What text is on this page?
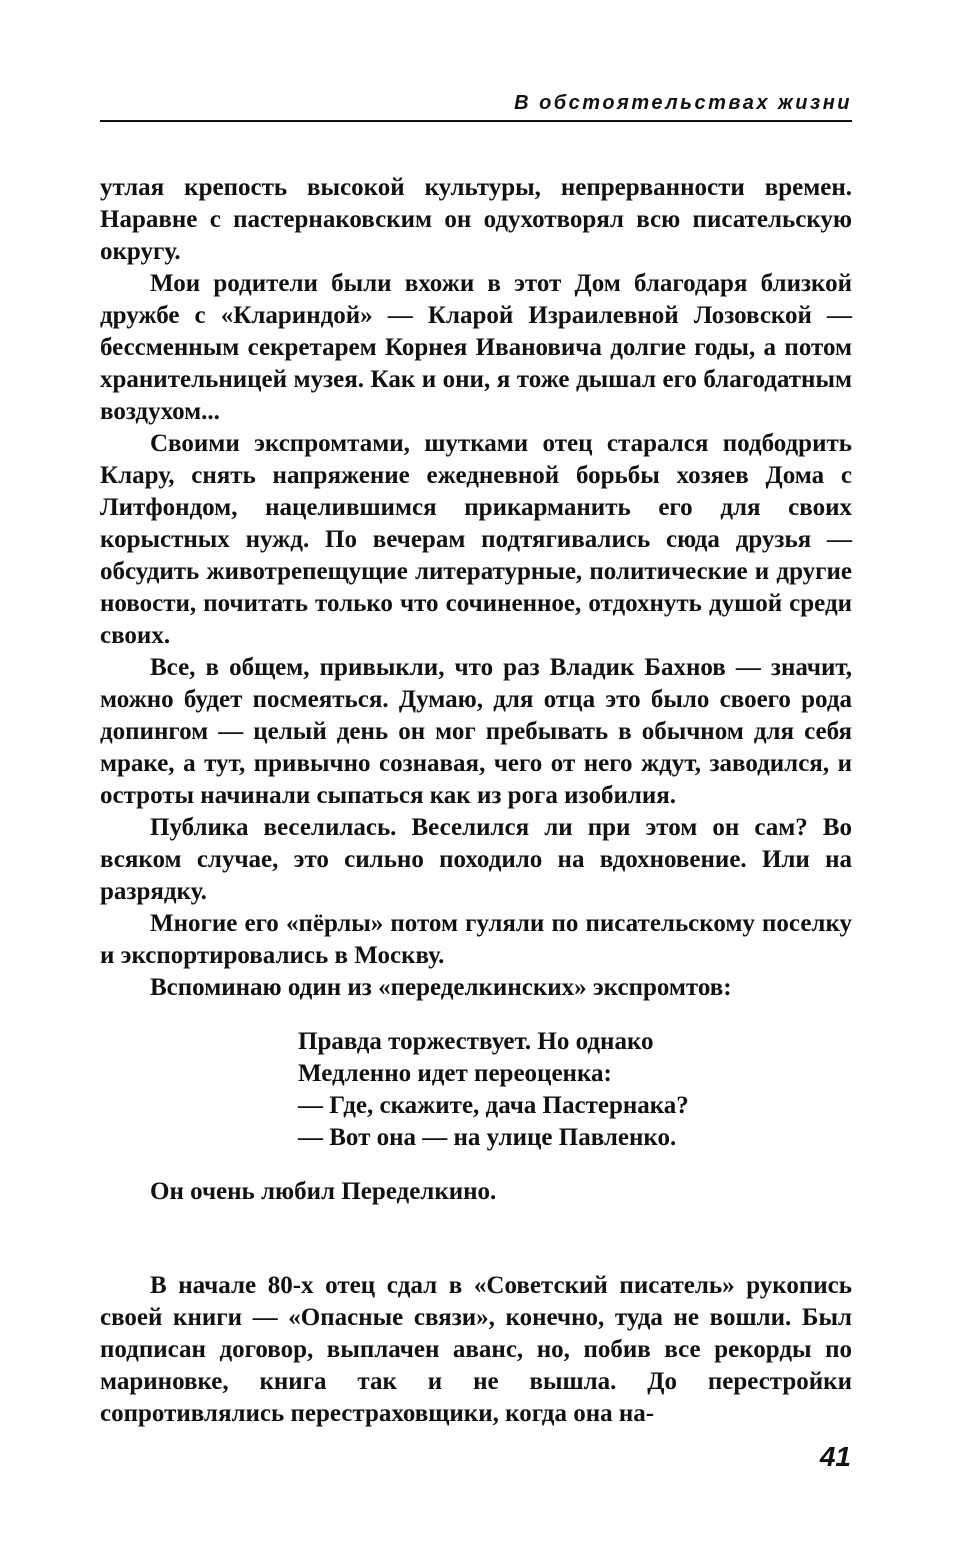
В обстоятельствах жизни

утлая крепость высокой культуры, непрерванности времен. Наравне с пастернаковским он одухотворял всю писательскую округу.

Мои родители были вхожи в этот Дом благодаря близкой дружбе с «Клариндой» — Кларой Израилевной Лозовской — бессменным секретарем Корнея Ивановича долгие годы, а потом хранительницей музея. Как и они, я тоже дышал его благодатным воздухом...

Своими экспромтами, шутками отец старался подбодрить Клару, снять напряжение ежедневной борьбы хозяев Дома с Литфондом, нацелившимся прикарманить его для своих корыстных нужд. По вечерам подтягивались сюда друзья — обсудить животрепещущие литературные, политические и другие новости, почитать только что сочиненное, отдохнуть душой среди своих.

Все, в общем, привыкли, что раз Владик Бахнов — значит, можно будет посмеяться. Думаю, для отца это было своего рода допингом — целый день он мог пребывать в обычном для себя мраке, а тут, привычно сознавая, чего от него ждут, заводился, и остроты начинали сыпаться как из рога изобилия.

Публика веселилась. Веселился ли при этом он сам? Во всяком случае, это сильно походило на вдохновение. Или на разрядку.

Многие его «пёрлы» потом гуляли по писательскому поселку и экспортировались в Москву.

Вспоминаю один из «переделкинских» экспромтов:

Правда торжествует. Но однако
Медленно идет переоценка:
— Где, скажите, дача Пастернака?
— Вот она — на улице Павленко.

Он очень любил Переделкино.

В начале 80-х отец сдал в «Советский писатель» рукопись своей книги — «Опасные связи», конечно, туда не вошли. Был подписан договор, выплачен аванс, но, побив все рекорды по мариновке, книга так и не вышла. До перестройки сопротивлялись перестраховщики, когда она на-

41
